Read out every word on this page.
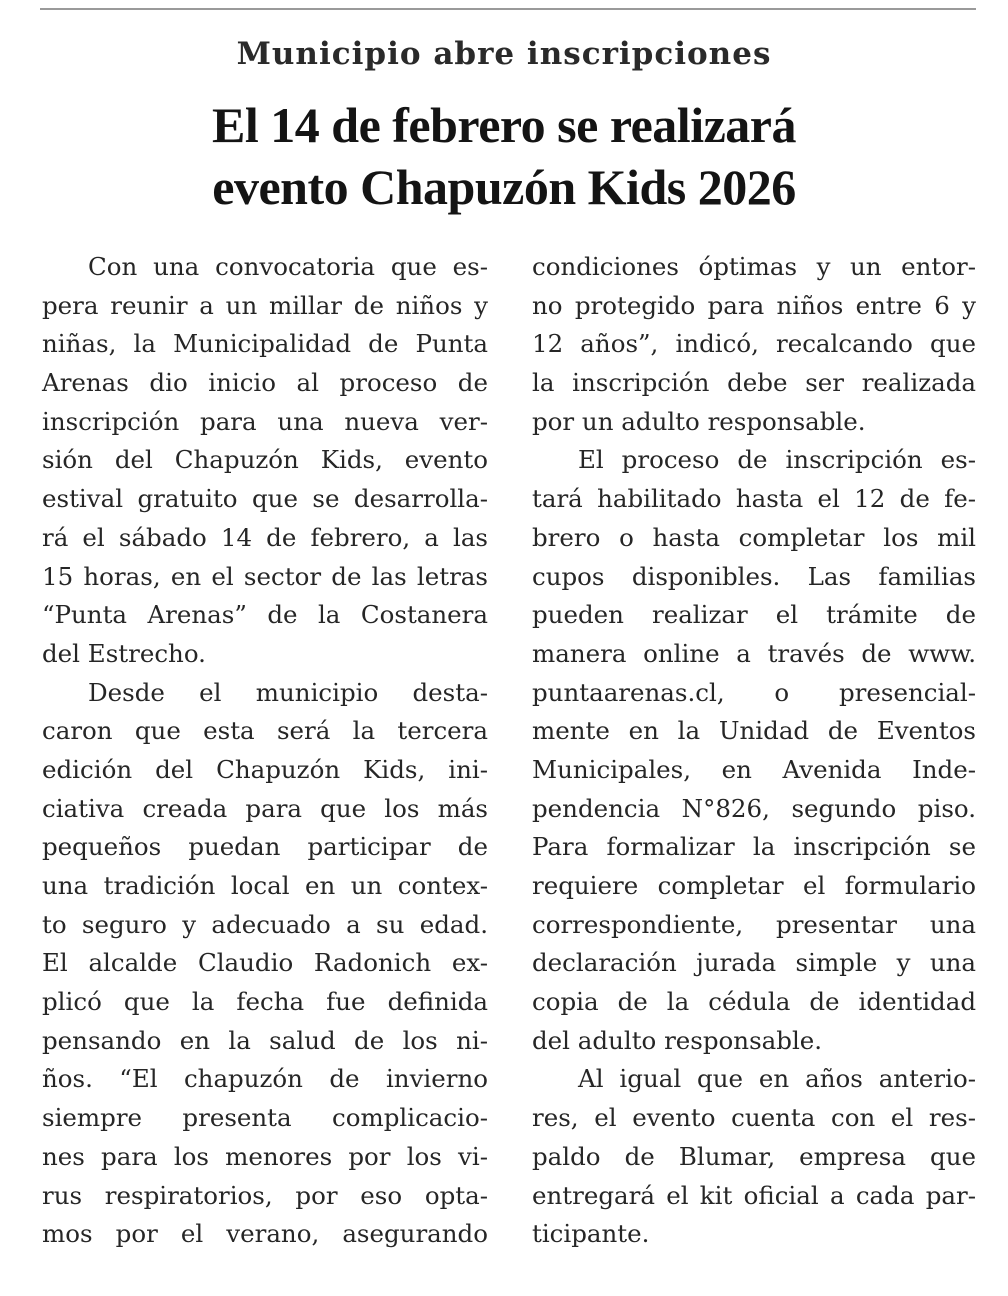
Municipio abre inscripciones
El 14 de febrero se realizará
evento Chapuzón Kids 2026
Con una convocatoria que es-
pera reunir a un millar de niños y
niñas, la Municipalidad de Punta
Arenas dio inicio al proceso de
inscripción para una nueva ver-
sión del Chapuzón Kids, evento
estival gratuito que se desarrolla-
rá el sábado 14 de febrero, a las
15 horas, en el sector de las letras
“Punta Arenas” de la Costanera
del Estrecho.
Desde el municipio desta-
caron que esta será la tercera
edición del Chapuzón Kids, ini-
ciativa creada para que los más
pequeños puedan participar de
una tradición local en un contex-
to seguro y adecuado a su edad.
El alcalde Claudio Radonich ex-
plicó que la fecha fue definida
pensando en la salud de los ni-
ños. “El chapuzón de invierno
siempre presenta complicacio-
nes para los menores por los vi-
rus respiratorios, por eso opta-
mos por el verano, asegurando
condiciones óptimas y un entor-
no protegido para niños entre 6 y
12 años”, indicó, recalcando que
la inscripción debe ser realizada
por un adulto responsable.
El proceso de inscripción es-
tará habilitado hasta el 12 de fe-
brero o hasta completar los mil
cupos disponibles. Las familias
pueden realizar el trámite de
manera online a través de www.
puntaarenas.cl, o presencial-
mente en la Unidad de Eventos
Municipales, en Avenida Inde-
pendencia N°826, segundo piso.
Para formalizar la inscripción se
requiere completar el formulario
correspondiente, presentar una
declaración jurada simple y una
copia de la cédula de identidad
del adulto responsable.
Al igual que en años anterio-
res, el evento cuenta con el res-
paldo de Blumar, empresa que
entregará el kit oficial a cada par-
ticipante.
